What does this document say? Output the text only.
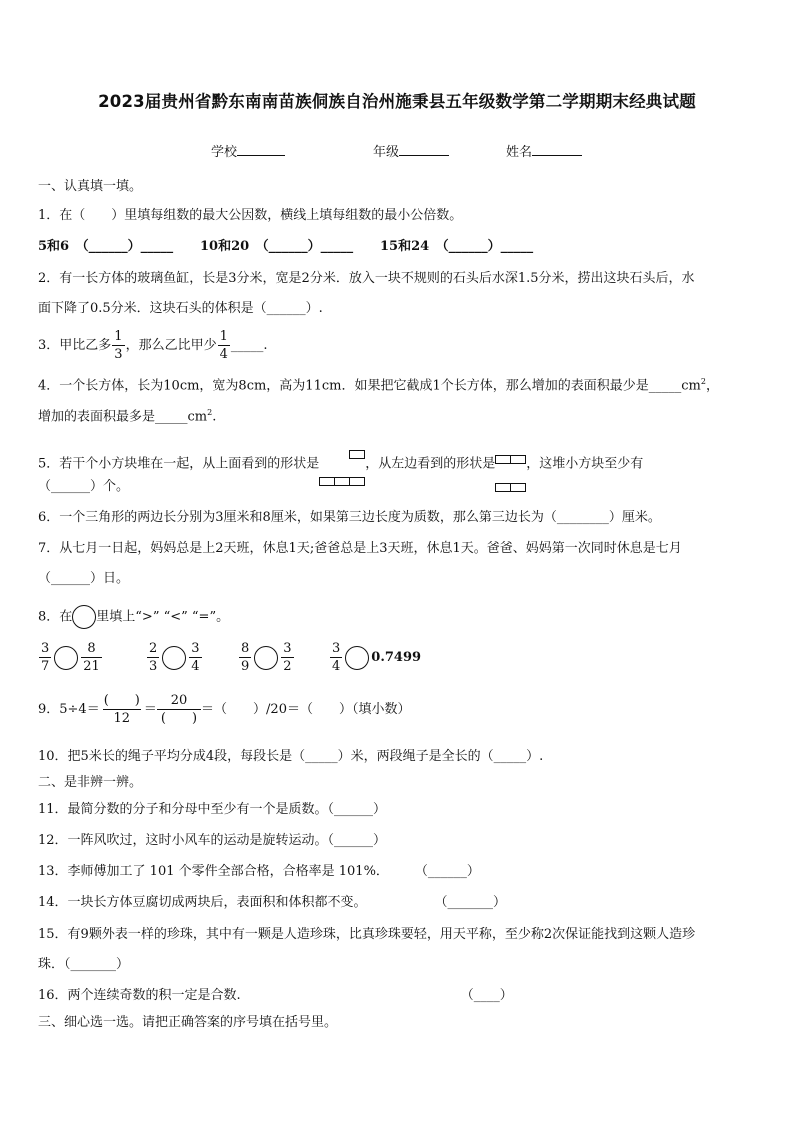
2023届贵州省黔东南南苗族侗族自治州施秉县五年级数学第二学期期末经典试题
学校	年级	姓名
一、认真填一填。
1．在（　　）里填每组数的最大公因数，横线上填每组数的最小公倍数。
5和6　（______）_____ 10和20　（______）_____ 15和24　（______）_____
2．有一长方体的玻璃鱼缸，长是3分米，宽是2分米．放入一块不规则的石头后水深1.5分米，捞出这块石头后，水
面下降了0.5分米．这块石头的体积是（______）.
3．甲比乙多 $\frac{1}{3}$ ，那么乙比甲少 $\frac{1}{4}$ _____.
4．一个长方体，长为10cm，宽为8cm，高为11cm．如果把它截成1个长方体，那么增加的表面积最少是$\_\_\_\_\_cm^2$，
增加的表面积最多是$\_\_\_\_\_cm^2$.
5．若干个小方块堆在一起，从上面看到的形状是	，从左边看到的形状是 ，这堆小方块至少有
（______）个。
6．一个三角形的两边长分别为3厘米和8厘米，如果第三边长度为质数，那么第三边长为（________）厘米。
7．从七月一日起，妈妈总是上2天班，休息1天;爸爸总是上3天班，休息1天。爸爸、妈妈第一次同时休息是七月
（______）日。
8．在 里填上“>” “<” “=”。
$\frac{3}{7} \frac{8}{21}$	$\frac{2}{3} \frac{3}{4}$	$\frac{8}{9} \frac{3}{2}$	$\frac{3}{4} 0.7499$
9．$5\div 4= \frac{( )}{12} = \frac{20}{( )}$ ＝（　　）/20＝（　　）（填小数）
10．把5米长的绳子平均分成4段，每段长是（_____）米，两段绳子是全长的（_____）.
二、是非辨一辨。
11．最简分数的分子和分母中至少有一个是质数。（______）
12．一阵风吹过，这时小风车的运动是旋转运动。（______）
13．李师傅加工了 101 个零件全部合格，合格率是 101%． （______）
14．一块长方体豆腐切成两块后，表面积和体积都不变。	（_______）
15．有9颗外表一样的珍珠，其中有一颗是人造珍珠，比真珍珠要轻，用天平称，至少称2次保证能找到这颗人造珍
珠．（_______）
16．两个连续奇数的积一定是合数.	（____）
三、细心选一选。请把正确答案的序号填在括号里。
